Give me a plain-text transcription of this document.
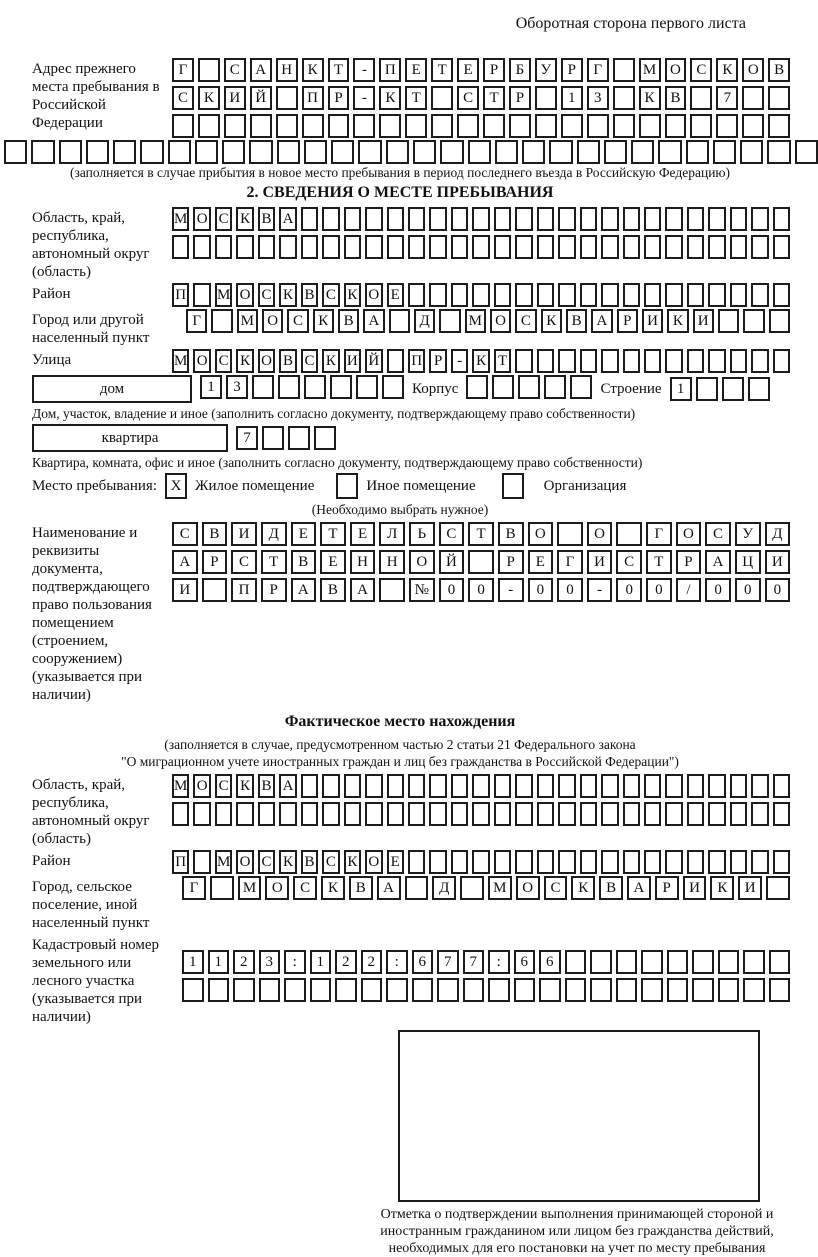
Оборотная сторона первого листа
Адрес прежнего места пребывания в Российской Федерации
Г	С	А	Н	К	Т	-	П	Е	Т	Е	Р	Б	У	Р	Г	М О	С	К	О	В
С	К	И	Й	П	Р	-	К	Т	С	Т	Р	1	3	К	В	7
(заполняется в случае прибытия в новое место пребывания в период последнего въезда в Российскую Федерацию)
2. СВЕДЕНИЯ О МЕСТЕ ПРЕБЫВАНИЯ
Область, край, республика, автономный округ (область)
М О С К В А
Район	П М О С К В С К О Е
Город или другой населенный пункт
Г	М О С	К	В А	Д	М О С	К	В А	Р	И К И
Улица	М О С К О В С К И Й П Р - К Т
дом	1	3	Корпус	Строение	1
Дом, участок, владение и иное (заполнить согласно документу, подтверждающему право собственности)
квартира	7
Квартира, комната, офис и иное (заполнить согласно документу, подтверждающему право собственности)
Место пребывания: X Жилое помещение	Иное помещение	Организация
(Необходимо выбрать нужное)
Наименование и реквизиты документа, подтверждающего право пользования помещением (строением, сооружением) (указывается при наличии)
С	В	И	Д	Е	Т	Е	Л	Ь	С	Т	В	О	О	Г	О	С	У	Д
А	Р	С	Т	В	Е	Н	Н	О	Й	Р	Е	Г	И	С	Т	Р	А	Ц	И
И	П	Р	А	В	А	№	0	0	-	0	0	-	0	0	/	0	0	0
Фактическое место нахождения
(заполняется в случае, предусмотренном частью 2 статьи 21 Федерального закона
"О миграционном учете иностранных граждан и лиц без гражданства в Российской Федерации")
Область, край, республика, автономный округ (область)
М О С К В А
Район	П М О С К В С К О Е
Город, сельское поселение, иной населенный пункт
Г	М	О	С	К	В	А	Д	М	О	С	К	В	А	Р	И	К	И
Кадастровый номер земельного или лесного участка (указывается при наличии)
1	1	2	3	:	1	2	2	:	6	7	7	:	6	6
Отметка о подтверждении выполнения принимающей стороной и иностранным гражданином или лицом без гражданства действий, необходимых для его постановки на учет по месту пребывания
